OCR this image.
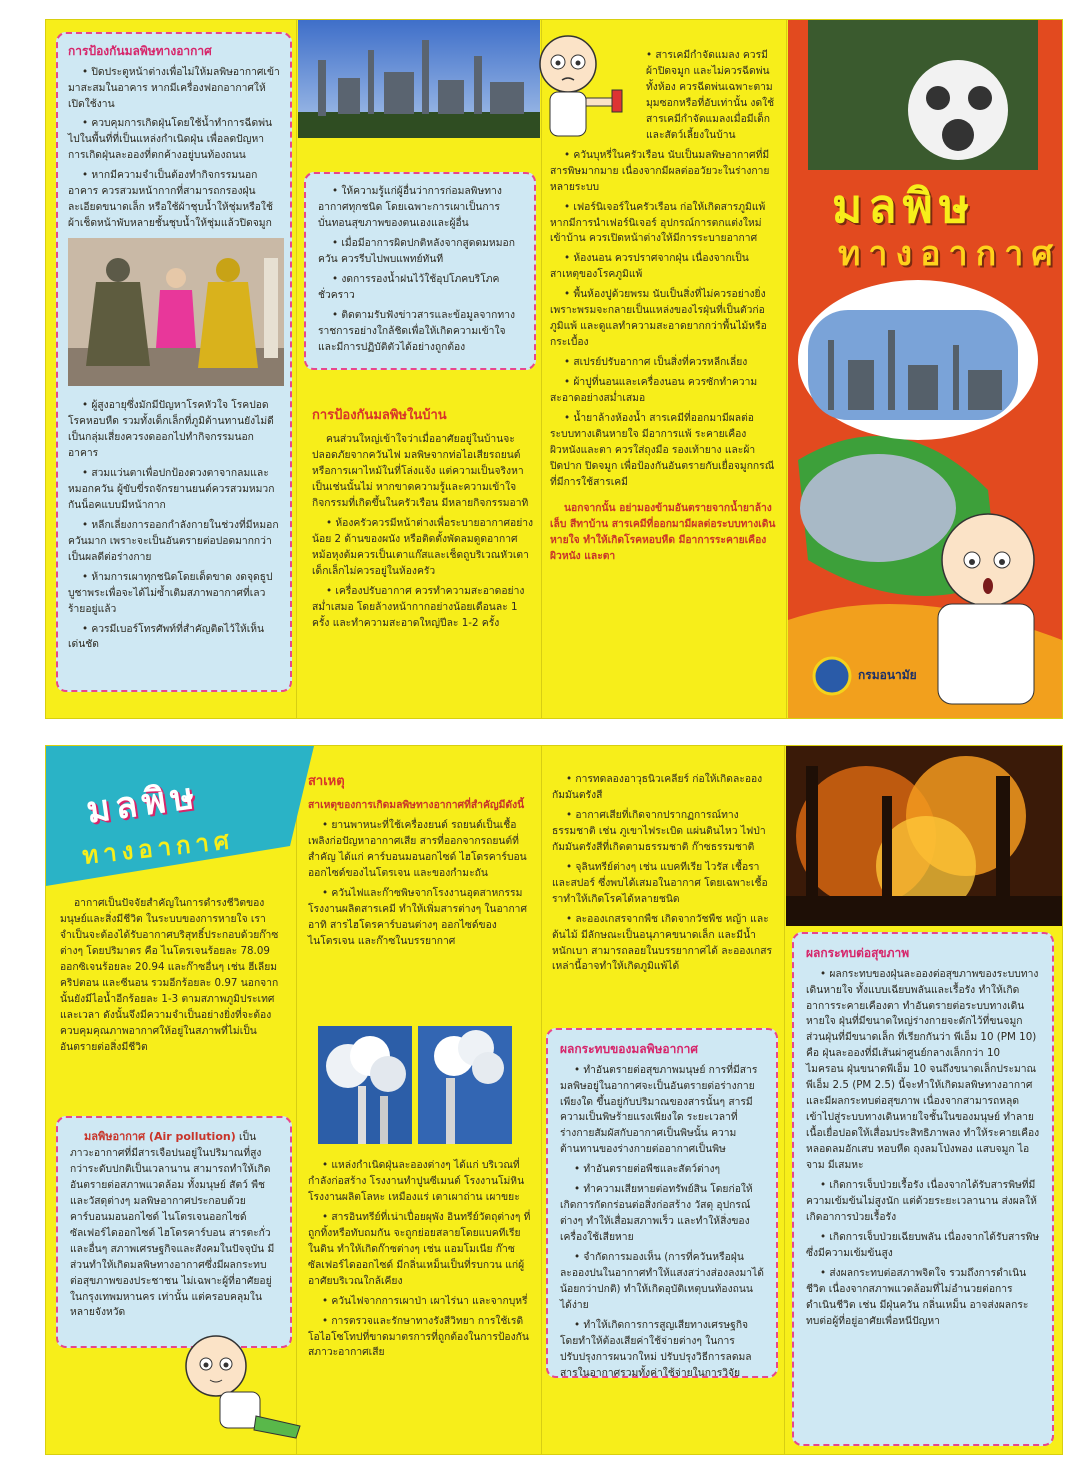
การป้องกันมลพิษทางอากาศ

• ปิดประตูหน้าต่างเพื่อไม่ให้มลพิษอากาศเข้ามาสะสมในอาคาร หากมีเครื่องฟอกอากาศให้เปิดใช้งาน

• ควบคุมการเกิดฝุ่นโดยใช้น้ำทำการฉีดพ่นไปในพื้นที่ที่เป็นแหล่งกำเนิดฝุ่น เพื่อลดปัญหาการเกิดฝุ่นละอองที่ตกค้างอยู่บนท้องถนน

• หากมีความจำเป็นต้องทำกิจกรรมนอกอาคาร ควรสวมหน้ากากที่สามารถกรองฝุ่นละเอียดขนาดเล็ก หรือใช้ผ้าชุบน้ำให้ชุ่มหรือใช้ผ้าเช็ดหน้าพับหลายชั้นชุบน้ำให้ชุ่มแล้วปิดจมูก

• ผู้สูงอายุซึ่งมักมีปัญหาโรคหัวใจ โรคปอด โรคหอบหืด รวมทั้งเด็กเล็กที่ภูมิต้านทานยังไม่ดี เป็นกลุ่มเสี่ยงควรงดออกไปทำกิจกรรมนอกอาคาร

• สวมแว่นตาเพื่อปกป้องดวงตาจากลมและหมอกควัน ผู้ขับขี่รถจักรยานยนต์ควรสวมหมวกกันน็อคแบบมีหน้ากาก

• หลีกเลี่ยงการออกกำลังกายในช่วงที่มีหมอกควันมาก เพราะจะเป็นอันตรายต่อปอดมากกว่าเป็นผลดีต่อร่างกาย

• ห้ามการเผาทุกชนิดโดยเด็ดขาด งดจุดธูปบูชาพระเพื่อจะได้ไม่ซ้ำเติมสภาพอากาศที่เลวร้ายอยู่แล้ว

• ควรมีเบอร์โทรศัพท์ที่สำคัญติดไว้ให้เห็นเด่นชัด

• ให้ความรู้แก่ผู้อื่นว่าการก่อมลพิษทางอากาศทุกชนิด โดยเฉพาะการเผาเป็นการบั่นทอนสุขภาพของตนเองและผู้อื่น

• เมื่อมีอาการผิดปกติหลังจากสูดดมหมอกควัน ควรรีบไปพบแพทย์ทันที

• งดการรองน้ำฝนไว้ใช้อุปโภคบริโภคชั่วคราว

• ติดตามรับฟังข่าวสารและข้อมูลจากทางราชการอย่างใกล้ชิดเพื่อให้เกิดความเข้าใจ และมีการปฏิบัติตัวได้อย่างถูกต้อง

การป้องกันมลพิษในบ้าน

คนส่วนใหญ่เข้าใจว่าเมื่ออาศัยอยู่ในบ้านจะปลอดภัยจากควันไฟ มลพิษจากท่อไอเสียรถยนต์หรือการเผาไหม้ในที่โล่งแจ้ง แต่ความเป็นจริงหาเป็นเช่นนั้นไม่ หากขาดความรู้และความเข้าใจกิจกรรมที่เกิดขึ้นในครัวเรือน มีหลายกิจกรรมอาทิ

• ห้องครัวควรมีหน้าต่างเพื่อระบายอากาศอย่างน้อย 2 ด้านของผนัง หรือติดตั้งพัดลมดูดอากาศ หม้อหุงต้มควรเป็นเตาแก๊สและเช็ดถูบริเวณหัวเตา เด็กเล็กไม่ควรอยู่ในห้องครัว

• เครื่องปรับอากาศ ควรทำความสะอาดอย่างสม่ำเสมอ โดยล้างหน้ากากอย่างน้อยเดือนละ 1 ครั้ง และทำความสะอาดใหญ่ปีละ 1-2 ครั้ง

• สารเคมีกำจัดแมลง ควรมีผ้าปิดจมูก และไม่ควรฉีดพ่นทั้งห้อง ควรฉีดพ่นเฉพาะตามมุมซอกหรือที่อับเท่านั้น งดใช้สารเคมีกำจัดแมลงเมื่อมีเด็ก และสัตว์เลี้ยงในบ้าน

• ควันบุหรี่ในครัวเรือน นับเป็นมลพิษอากาศที่มีสารพิษมากมาย เนื่องจากมีผลต่ออวัยวะในร่างกายหลายระบบ

• เฟอร์นิเจอร์ในครัวเรือน ก่อให้เกิดสารภูมิแพ้ หากมีการนำเฟอร์นิเจอร์ อุปกรณ์การตกแต่งใหม่เข้าบ้าน ควรเปิดหน้าต่างให้มีการระบายอากาศ

• ห้องนอน ควรปราศจากฝุ่น เนื่องจากเป็นสาเหตุของโรคภูมิแพ้

• พื้นห้องปูด้วยพรม นับเป็นสิ่งที่ไม่ควรอย่างยิ่ง เพราะพรมจะกลายเป็นแหล่งของไรฝุ่นที่เป็นตัวก่อภูมิแพ้ และดูแลทำความสะอาดยากกว่าพื้นไม้หรือกระเบื้อง

• สเปรย์ปรับอากาศ เป็นสิ่งที่ควรหลีกเลี่ยง

• ผ้าปูที่นอนและเครื่องนอน ควรซักทำความสะอาดอย่างสม่ำเสมอ

• น้ำยาล้างห้องน้ำ สารเคมีที่ออกมามีผลต่อระบบทางเดินหายใจ มีอาการแพ้ ระคายเคืองผิวหนังและตา ควรใส่ถุงมือ รองเท้ายาง และผ้าปิดปาก ปิดจมูก เพื่อป้องกันอันตรายกับเยื่อจมูกกรณีที่มีการใช้สารเคมี

นอกจากนั้น อย่ามองข้ามอันตรายจากน้ำยาล้างเล็บ สีทาบ้าน สารเคมีที่ออกมามีผลต่อระบบทางเดินหายใจ ทำให้เกิดโรคหอบหืด มีอาการระคายเคืองผิวหนัง และตา

มลพิษ
ทางอากาศ
กรมอนามัย
มลพิษ
ทางอากาศ

อากาศเป็นปัจจัยสำคัญในการดำรงชีวิตของมนุษย์และสิ่งมีชีวิต ในระบบของการหายใจ เราจำเป็นจะต้องได้รับอากาศบริสุทธิ์ประกอบด้วยก๊าซต่างๆ โดยปริมาตร คือ ไนโตรเจนร้อยละ 78.09 ออกซิเจนร้อยละ 20.94 และก๊าซอื่นๆ เช่น ฮีเลียม คริปตอน และซีนอน รวมอีกร้อยละ 0.97 นอกจากนั้นยังมีไอน้ำอีกร้อยละ 1-3 ตามสภาพภูมิประเทศและเวลา ดังนั้นจึงมีความจำเป็นอย่างยิ่งที่จะต้องควบคุมคุณภาพอากาศให้อยู่ในสภาพที่ไม่เป็นอันตรายต่อสิ่งมีชีวิต

มลพิษอากาศ (Air pollution) เป็นภาวะอากาศที่มีสารเจือปนอยู่ในปริมาณที่สูงกว่าระดับปกติเป็นเวลานาน สามารถทำให้เกิดอันตรายต่อสภาพแวดล้อม ทั้งมนุษย์ สัตว์ พืช และวัสดุต่างๆ มลพิษอากาศประกอบด้วย คาร์บอนมอนอกไซด์ ไนโตรเจนออกไซด์ ซัลเฟอร์ไดออกไซด์ ไฮโดรคาร์บอน สารตะกั่วและอื่นๆ สภาพเศรษฐกิจและสังคมในปัจจุบัน มีส่วนทำให้เกิดมลพิษทางอากาศซึ่งมีผลกระทบต่อสุขภาพของประชาชน ไม่เฉพาะผู้ที่อาศัยอยู่ในกรุงเทพมหานคร เท่านั้น แต่ครอบคลุมในหลายจังหวัด

สาเหตุ

สาเหตุของการเกิดมลพิษทางอากาศที่สำคัญมีดังนี้

• ยานพาหนะที่ใช้เครื่องยนต์ รถยนต์เป็นเชื้อเพลิงก่อปัญหาอากาศเสีย สารที่ออกจากรถยนต์ที่สำคัญ ได้แก่ คาร์บอนมอนอกไซด์ ไฮโดรคาร์บอน ออกไซด์ของไนโตรเจน และของกำมะถัน

• ควันไฟและก๊าซพิษจากโรงงานอุตสาหกรรม โรงงานผลิตสารเคมี ทำให้เพิ่มสารต่างๆ ในอากาศ อาทิ สารไฮโดรคาร์บอนต่างๆ ออกไซด์ของไนโตรเจน และก๊าซในบรรยากาศ

• แหล่งกำเนิดฝุ่นละอองต่างๆ ได้แก่ บริเวณที่กำลังก่อสร้าง โรงงานทำปูนซีเมนต์ โรงงานโม่หิน โรงงานผลิตโลหะ เหมืองแร่ เตาเผาถ่าน เผาขยะ

• สารอินทรีย์ที่เน่าเปื่อยผุพัง อินทรีย์วัตถุต่างๆ ที่ถูกทิ้งหรือทับถมกัน จะถูกย่อยสลายโดยแบคทีเรียในดิน ทำให้เกิดก๊าซต่างๆ เช่น แอมโมเนีย ก๊าซซัลเฟอร์ไดออกไซด์ มีกลิ่นเหม็นเป็นที่รบกวน แก่ผู้อาศัยบริเวณใกล้เคียง

• ควันไฟจากการเผาป่า เผาไร่นา และจากบุหรี่

• การตรวจและรักษาทางรังสีวิทยา การใช้เรดิโอไอโซโทปที่ขาดมาตรการที่ถูกต้องในการป้องกันสภาวะอากาศเสีย

• การทดลองอาวุธนิวเคลียร์ ก่อให้เกิดละอองกัมมันตรังสี

• อากาศเสียที่เกิดจากปรากฏการณ์ทางธรรมชาติ เช่น ภูเขาไฟระเบิด แผ่นดินไหว ไฟป่า กัมมันตรังสีที่เกิดตามธรรมชาติ ก๊าซธรรมชาติ

• จุลินทรีย์ต่างๆ เช่น แบคทีเรีย ไวรัส เชื้อราและสปอร์ ซึ่งพบได้เสมอในอากาศ โดยเฉพาะเชื้อราทำให้เกิดโรคได้หลายชนิด

• ละอองเกสรจากพืช เกิดจากวัชพืช หญ้า และต้นไม้ มีลักษณะเป็นอนุภาคขนาดเล็ก และมีน้ำหนักเบา สามารถลอยในบรรยากาศได้ ละอองเกสรเหล่านี้อาจทำให้เกิดภูมิแพ้ได้

ผลกระทบของมลพิษอากาศ

• ทำอันตรายต่อสุขภาพมนุษย์ การที่มีสารมลพิษอยู่ในอากาศจะเป็นอันตรายต่อร่างกายเพียงใด ขึ้นอยู่กับปริมาณของสารนั้นๆ สารมีความเป็นพิษร้ายแรงเพียงใด ระยะเวลาที่ร่างกายสัมผัสกับอากาศเป็นพิษนั้น ความต้านทานของร่างกายต่ออากาศเป็นพิษ

• ทำอันตรายต่อพืชและสัตว์ต่างๆ

• ทำความเสียหายต่อทรัพย์สิน โดยก่อให้เกิดการกัดกร่อนต่อสิ่งก่อสร้าง วัสดุ อุปกรณ์ต่างๆ ทำให้เสื่อมสภาพเร็ว และทำให้สิ่งของเครื่องใช้เสียหาย

• จำกัดการมองเห็น (การที่ควันหรือฝุ่นละอองปนในอากาศทำให้แสงสว่างส่องลงมาได้น้อยกว่าปกติ) ทำให้เกิดอุบัติเหตุบนท้องถนนได้ง่าย

• ทำให้เกิดการการสูญเสียทางเศรษฐกิจ โดยทำให้ต้องเสียค่าใช้จ่ายต่างๆ ในการปรับปรุงการผนวกใหม่ ปรับปรุงวิธีการลดมลสารในอากาศรวมทั้งค่าใช้จ่ายในการวิจัย

ผลกระทบต่อสุขภาพ

• ผลกระทบของฝุ่นละอองต่อสุขภาพของระบบทางเดินหายใจ ทั้งแบบเฉียบพลันและเรื้อรัง ทำให้เกิดอาการระคายเคืองตา ทำอันตรายต่อระบบทางเดินหายใจ ฝุ่นที่มีขนาดใหญ่ร่างกายจะดักไว้ที่ขนจมูก ส่วนฝุ่นที่มีขนาดเล็ก ที่เรียกกันว่า พีเอ็ม 10 (PM 10) คือ ฝุ่นละอองที่มีเส้นผ่าศูนย์กลางเล็กกว่า 10 ไมครอน ฝุ่นขนาดพีเอ็ม 10 จนถึงขนาดเล็กประมาณ พีเอ็ม 2.5 (PM 2.5) นี้จะทำให้เกิดมลพิษทางอากาศและมีผลกระทบต่อสุขภาพ เนื่องจากสามารถหลุดเข้าไปสู่ระบบทางเดินหายใจชั้นในของมนุษย์ ทำลายเนื้อเยื่อปอดให้เสื่อมประสิทธิภาพลง ทำให้ระคายเคือง หลอดลมอักเสบ หอบหืด ถุงลมโป่งพอง แสบจมูก ไอ จาม มีเสมหะ

• เกิดการเจ็บป่วยเรื้อรัง เนื่องจากได้รับสารพิษที่มีความเข้มข้นไม่สูงนัก แต่ด้วยระยะเวลานาน ส่งผลให้เกิดอาการป่วยเรื้อรัง

• เกิดการเจ็บป่วยเฉียบพลัน เนื่องจากได้รับสารพิษ ซึ่งมีความเข้มข้นสูง

• ส่งผลกระทบต่อสภาพจิตใจ รวมถึงการดำเนินชีวิต เนื่องจากสภาพแวดล้อมที่ไม่อำนวยต่อการดำเนินชีวิต เช่น มีฝุ่นควัน กลิ่นเหม็น อาจส่งผลกระทบต่อผู้ที่อยู่อาศัยเพื่อหนีปัญหา
